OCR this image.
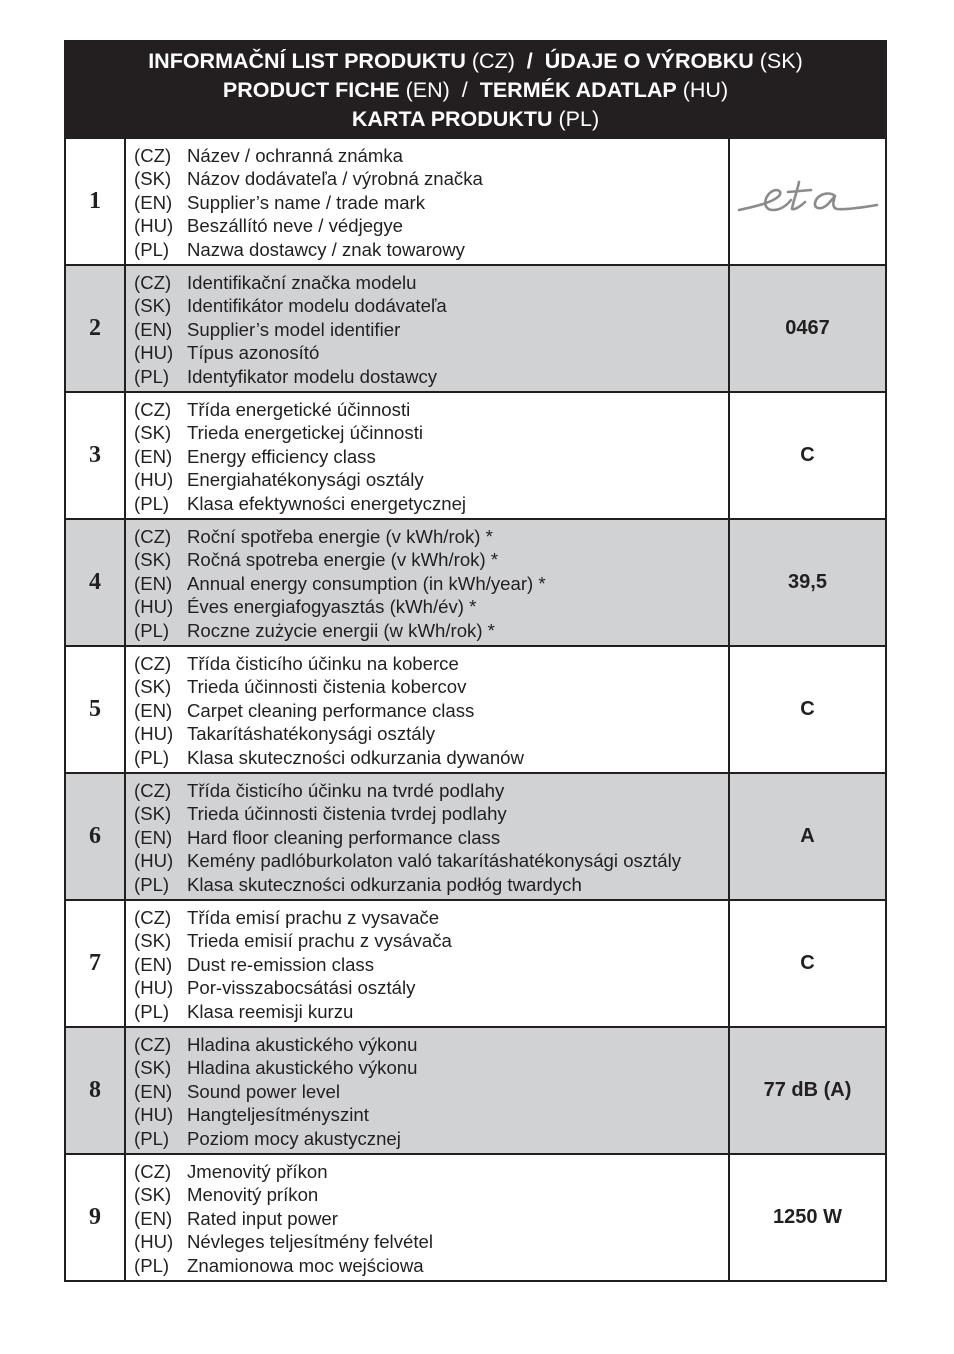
INFORMAČNÍ LIST PRODUKTU (CZ)  /  ÚDAJE O VÝROBKU (SK)
PRODUCT FICHE (EN)  /  TERMÉK ADATLAP (HU)
KARTA PRODUKTU (PL)
1	(CZ) Název / ochranná známka
(SK) Názov dodávateľa / výrobná značka
(EN) Supplier’s name / trade mark
(HU) Beszállító neve / védjegye
(PL) Nazwa dostawcy / znak towarowy

2	(CZ) Identifikační značka modelu
(SK) Identifikátor modelu dodávateľa
(EN) Supplier’s model identifier
(HU) Típus azonosító
(PL) Identyfikator modelu dostawcy	0467
3	(CZ) Třída energetické účinnosti
(SK) Trieda energetickej účinnosti
(EN) Energy efficiency class
(HU) Energiahatékonysági osztály
(PL) Klasa efektywności energetycznej	C
4	(CZ) Roční spotřeba energie (v kWh/rok) *
(SK) Ročná spotreba energie (v kWh/rok) *
(EN) Annual energy consumption (in kWh/year) *
(HU) Éves energiafogyasztás (kWh/év) *
(PL) Roczne zużycie energii (w kWh/rok) *	39,5
5	(CZ) Třída čisticího účinku na koberce
(SK) Trieda účinnosti čistenia kobercov
(EN) Carpet cleaning performance class
(HU) Takarításhatékonysági osztály
(PL) Klasa skuteczności odkurzania dywanów	C
6	(CZ) Třída čisticího účinku na tvrdé podlahy
(SK) Trieda účinnosti čistenia tvrdej podlahy
(EN) Hard floor cleaning performance class
(HU) Kemény padlóburkolaton való takarításhatékonysági osztály
(PL) Klasa skuteczności odkurzania podłóg twardych	A
7	(CZ) Třída emisí prachu z vysavače
(SK) Trieda emisií prachu z vysávača
(EN) Dust re-emission class
(HU) Por-visszabocsátási osztály
(PL) Klasa reemisji kurzu	C
8	(CZ) Hladina akustického výkonu
(SK) Hladina akustického výkonu
(EN) Sound power level
(HU) Hangteljesítményszint
(PL) Poziom mocy akustycznej	77 dB (A)
9	(CZ) Jmenovitý příkon
(SK) Menovitý príkon
(EN) Rated input power
(HU) Névleges teljesítmény felvétel
(PL) Znamionowa moc wejściowa	1250 W
